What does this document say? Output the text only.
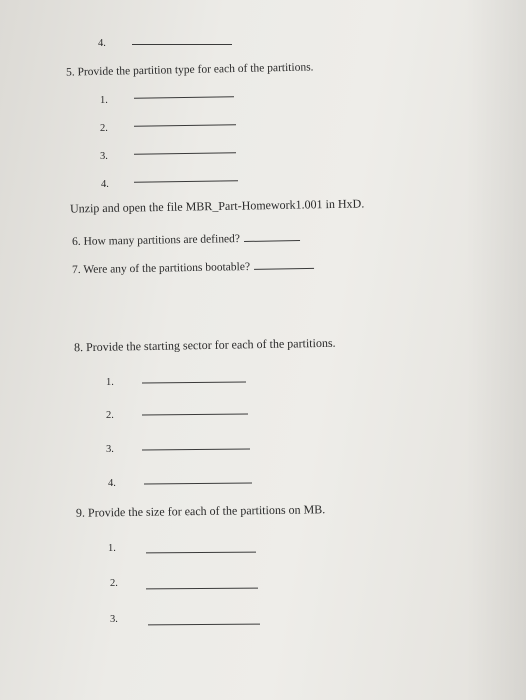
4.
5. Provide the partition type for each of the partitions.
1.
2.
3.
4.
Unzip and open the file MBR_Part-Homework1.001 in HxD.
6. How many partitions are defined?
7. Were any of the partitions bootable?
8. Provide the starting sector for each of the partitions.
1.
2.
3.
4.
9. Provide the size for each of the partitions on MB.
1.
2.
3.
